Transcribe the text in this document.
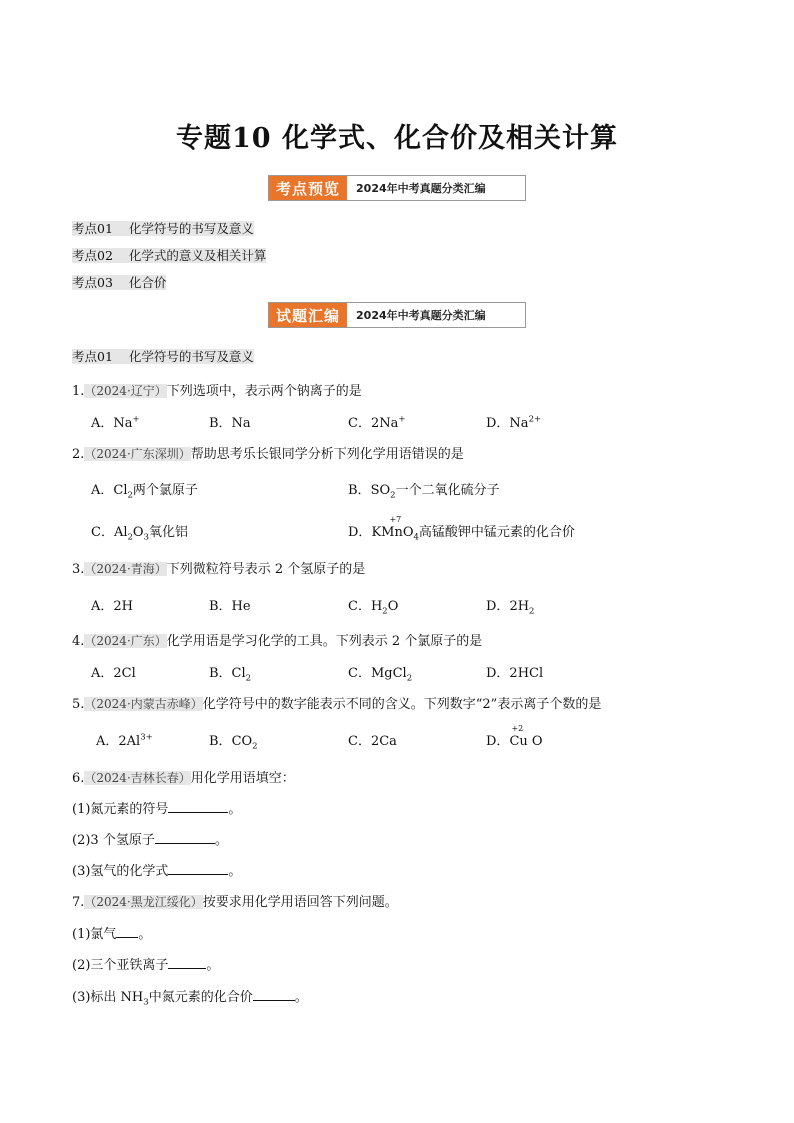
专题10 化学式、化合价及相关计算
考点预览	2024年中考真题分类汇编
考点01 化学符号的书写及意义
考点02 化学式的意义及相关计算
考点03 化合价
试题汇编	2024年中考真题分类汇编
考点01 化学符号的书写及意义
1.（2024·辽宁）下列选项中，表示两个钠离子的是
A．Na+	B．Na	C．2Na+	D．$Na^{2+}$
2.（2024·广东深圳）帮助思考乐长银同学分析下列化学用语错误的是
A．$Cl_2$两个氯原子	B．$SO_2$一个二氧化硫分子
C．$Al_2O_3$氧化铝	D．
+7
KMnO$_4$高锰酸钾中锰元素的化合价
3.（2024·青海）下列微粒符号表示 2 个氢原子的是
A．2H	B．He	C．$H_2O$	D．$2H_2$
4.（2024·广东）化学用语是学习化学的工具。下列表示 2 个氯原子的是
A．2Cl	B．$Cl_2$	C．MgCl$_2$	D．2HCl
5.（2024·内蒙古赤峰）化学符号中的数字能表示不同的含义。下列数字“2”表示离子个数的是
A．$2Al^{3+}$	B．$CO_2$	C．2Ca	D．
+2
Cu O
6.（2024·吉林长春）用化学用语填空：
(1)氮元素的符号	。
(2)3 个氢原子	。
(3)氢气的化学式	。
7.（2024·黑龙江绥化）按要求用化学用语回答下列问题。
(1)氯气 。
(2)三个亚铁离子	。
(3)标出 $NH_3$中氮元素的化合价	。
